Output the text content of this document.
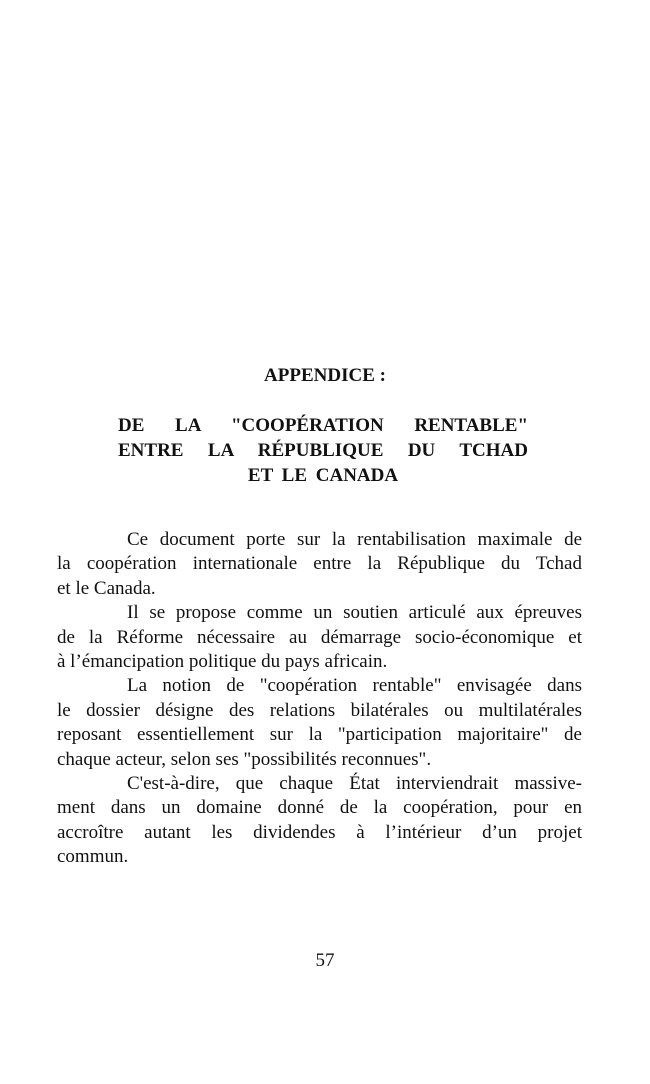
APPENDICE :
DE LA "COOPÉRATION RENTABLE"
ENTRE LA RÉPUBLIQUE DU TCHAD
ET LE CANADA
Ce document porte sur la rentabilisation maximale de
la coopération internationale entre la République du Tchad
et le Canada.
Il se propose comme un soutien articulé aux épreuves
de la Réforme nécessaire au démarrage socio-économique et
à l’émancipation politique du pays africain.
La notion de "coopération rentable" envisagée dans
le dossier désigne des relations bilatérales ou multilatérales
reposant essentiellement sur la "participation majoritaire" de
chaque acteur, selon ses "possibilités reconnues".
C'est-à-dire, que chaque État interviendrait massive-
ment dans un domaine donné de la coopération, pour en
accroître autant les dividendes à l’intérieur d’un projet
commun.
57
